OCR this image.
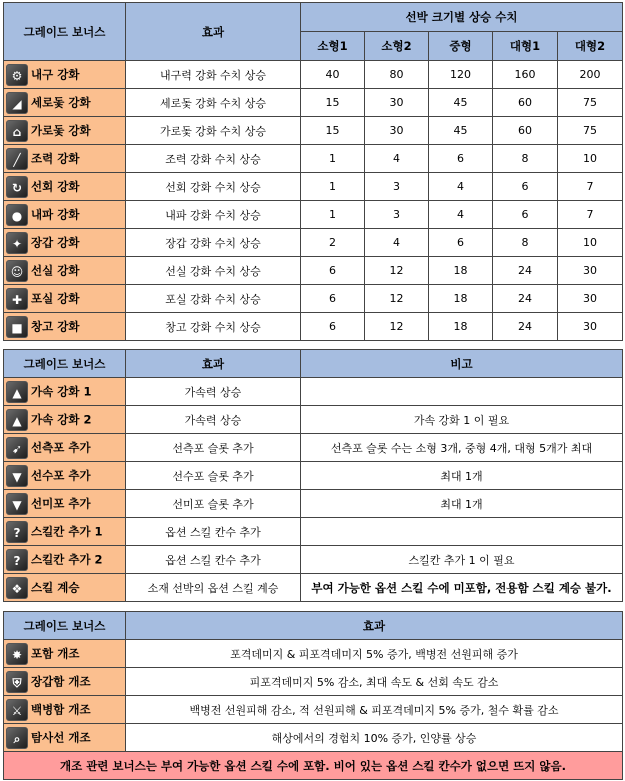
그레이드 보너스	효과	선박 크기별 상승 수치				
		소형1	소형2	중형	대형1	대형2
⚙ 내구 강화	내구력 강화 수치 상승	40	80	120	160	200
◢ 세로돛 강화	세로돛 강화 수치 상승	15	30	45	60	75
⌂ 가로돛 강화	가로돛 강화 수치 상승	15	30	45	60	75
╱ 조력 강화	조력 강화 수치 상승	1	4	6	8	10
↻ 선회 강화	선회 강화 수치 상승	1	3	4	6	7
● 내파 강화	내파 강화 수치 상승	1	3	4	6	7
✦ 장갑 강화	장갑 강화 수치 상승	2	4	6	8	10
☺ 선실 강화	선실 강화 수치 상승	6	12	18	24	30
✚ 포실 강화	포실 강화 수치 상승	6	12	18	24	30
■ 창고 강화	창고 강화 수치 상승	6	12	18	24	30
그레이드 보너스	효과	비고
▲ 가속 강화 1	가속력 상승	
▲ 가속 강화 2	가속력 상승	가속 강화 1 이 필요
➹ 선측포 추가	선측포 슬롯 추가	선측포 슬롯 수는 소형 3개, 중형 4개, 대형 5개가 최대
▼ 선수포 추가	선수포 슬롯 추가	최대 1개
▼ 선미포 추가	선미포 슬롯 추가	최대 1개
? 스킬칸 추가 1	옵션 스킬 칸수 추가	
? 스킬칸 추가 2	옵션 스킬 칸수 추가	스킬칸 추가 1 이 필요
❖ 스킬 계승	소재 선박의 옵션 스킬 계승	부여 가능한 옵션 스킬 수에 미포함, 전용함 스킬 계승 불가.
그레이드 보너스	효과
✸ 포함 개조	포격데미지 & 피포격데미지 5% 증가, 백병전 선원피해 증가
⛨ 장갑함 개조	피포격데미지 5% 감소, 최대 속도 & 선회 속도 감소
⚔ 백병함 개조	백병전 선원피해 감소, 적 선원피해 & 피포격데미지 5% 증가, 철수 확률 감소
⌕ 탐사선 개조	해상에서의 경험치 10% 증가, 인양률 상승
개조 관련 보너스는 부여 가능한 옵션 스킬 수에 포함. 비어 있는 옵션 스킬 칸수가 없으면 뜨지 않음.	
